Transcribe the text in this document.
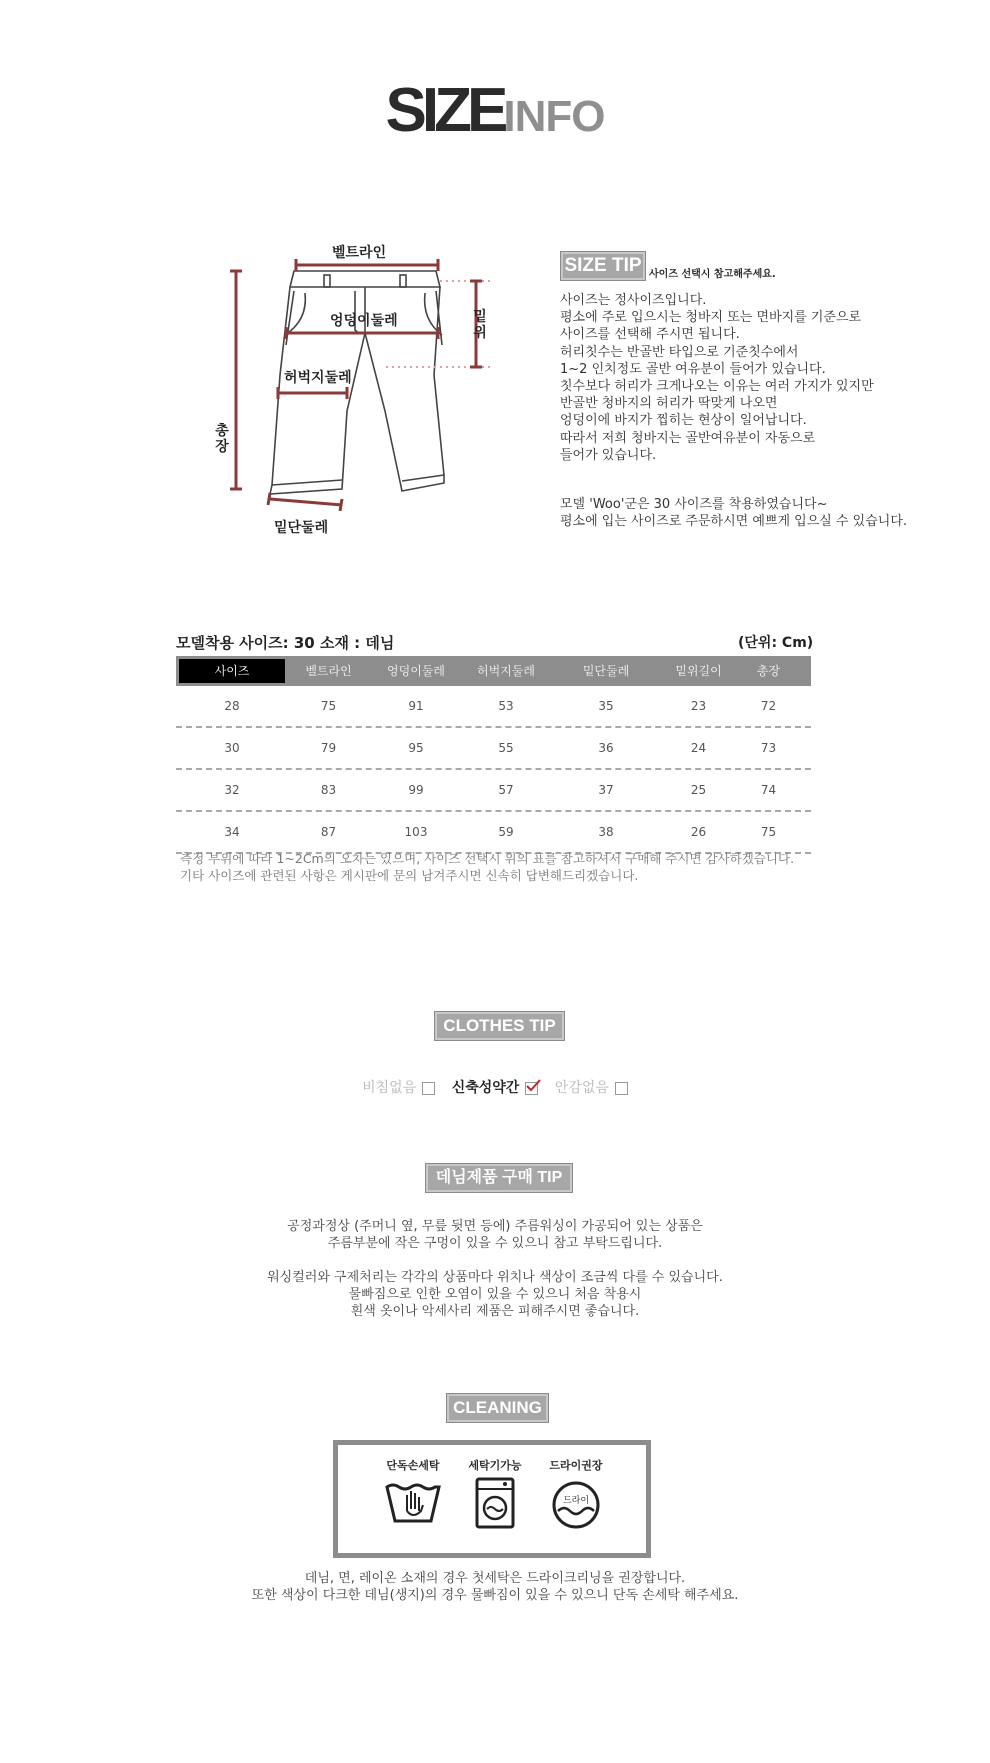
SIZEINFO
벨트라인
엉덩이둘레
허벅지둘레
밑위
총장
밑단둘레
SIZE TIP 사이즈 선택시 참고해주세요.
사이즈는 정사이즈입니다.
평소에 주로 입으시는 청바지 또는 면바지를 기준으로
사이즈를 선택해 주시면 됩니다.
허리칫수는 반골반 타입으로 기준칫수에서
1~2 인치정도 골반 여유분이 들어가 있습니다.
칫수보다 허리가 크게나오는 이유는 여러 가지가 있지만
반골반 청바지의 허리가 딱맞게 나오면
엉덩이에 바지가 찝히는 현상이 일어납니다.
따라서 저희 청바지는 골반여유분이 자동으로
들어가 있습니다.
모델 'Woo'군은 30 사이즈를 착용하였습니다~
평소에 입는 사이즈로 주문하시면 예쁘게 입으실 수 있습니다.
모델착용 사이즈: 30 소재 : 데님	(단위: Cm)
사이즈	벨트라인	엉덩이둘레	허벅지둘레	밑단둘레	밑위길이	총장
28	75	91	53	35	23	72
30	79	95	55	36	24	73
32	83	99	57	37	25	74
34	87	103	59	38	26	75
측정 부위에 따라 1~2Cm의 오차는 있으며, 사이즈 선택시 위의 표를 참고하셔서 구매해 주시면 감사하겠습니다.
기타 사이즈에 관련된 사항은 게시판에 문의 남겨주시면 신속히 답변해드리겠습니다.
CLOTHES TIP
비침없음	신축성약간	안감없음
데님제품 구매 TIP
공정과정상 (주머니 옆, 무릎 뒷면 등에) 주름워싱이 가공되어 있는 상품은
주름부분에 작은 구멍이 있을 수 있으니 참고 부탁드립니다.
워싱컬러와 구제처리는 각각의 상품마다 위치나 색상이 조금씩 다를 수 있습니다.
물빠짐으로 인한 오염이 있을 수 있으니 처음 착용시
흰색 옷이나 악세사리 제품은 피해주시면 좋습니다.
CLEANING
단독손세탁	세탁기가능	드라이권장
드라이
데님, 면, 레이온 소재의 경우 첫세탁은 드라이크리닝을 권장합니다.
또한 색상이 다크한 데님(생지)의 경우 물빠짐이 있을 수 있으니 단독 손세탁 해주세요.
